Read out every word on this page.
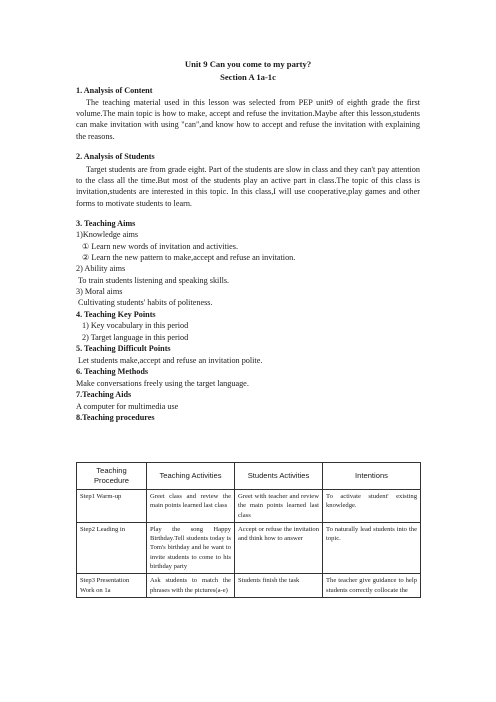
Unit 9 Can you come to my party?
Section A 1a-1c
1. Analysis of Content
The teaching material used in this lesson was selected from PEP unit9 of eighth grade the first volume.The main topic is how to make, accept and refuse the invitation.Maybe after this lesson,students can make invitation with using "can",and know how to accept and refuse the invitation with explaining the reasons.
2. Analysis of Students
Target students are from grade eight. Part of the students are slow in class and they can't pay attention to the class all the time.But most of the students play an active part in class.The topic of this class is invitation,students are interested in this topic. In this class,I will use cooperative,play games and other forms to motivate students to learn.
3. Teaching Aims
1)Knowledge aims
① Learn new words of invitation and activities.
② Learn the new pattern to make,accept and refuse an invitation.
2) Ability aims
To train students listening and speaking skills.
3) Moral aims
Cultivating students' habits of politeness.
4. Teaching Key Points
1) Key vocabulary in this period
2) Target language in this period
5. Teaching Difficult Points
Let students make,accept and refuse an invitation polite.
6. Teaching Methods
Make conversations freely using the target language.
7.Teaching Aids
A computer for multimedia use
8.Teaching procedures
Teaching Procedure	Teaching Activities	Students Activities	Intentions
Step1 Warm-up	Greet class and review the main points learned last class	Greet with teacher and review the main points learned last class	To activate student' existing knowledge.
Step2 Leading in	Play the song Happy Birthday.Tell students today is Tom's birthday and he want to invite students to come to his birthday party	Accept or refuse the invitation and think how to answer	To naturally lead students into the topic.
Step3 Presentation Work on 1a	Ask students to match the phrases with the pictures(a-e)	Students finish the task	The teacher give guidance to help students correctly collocate the
